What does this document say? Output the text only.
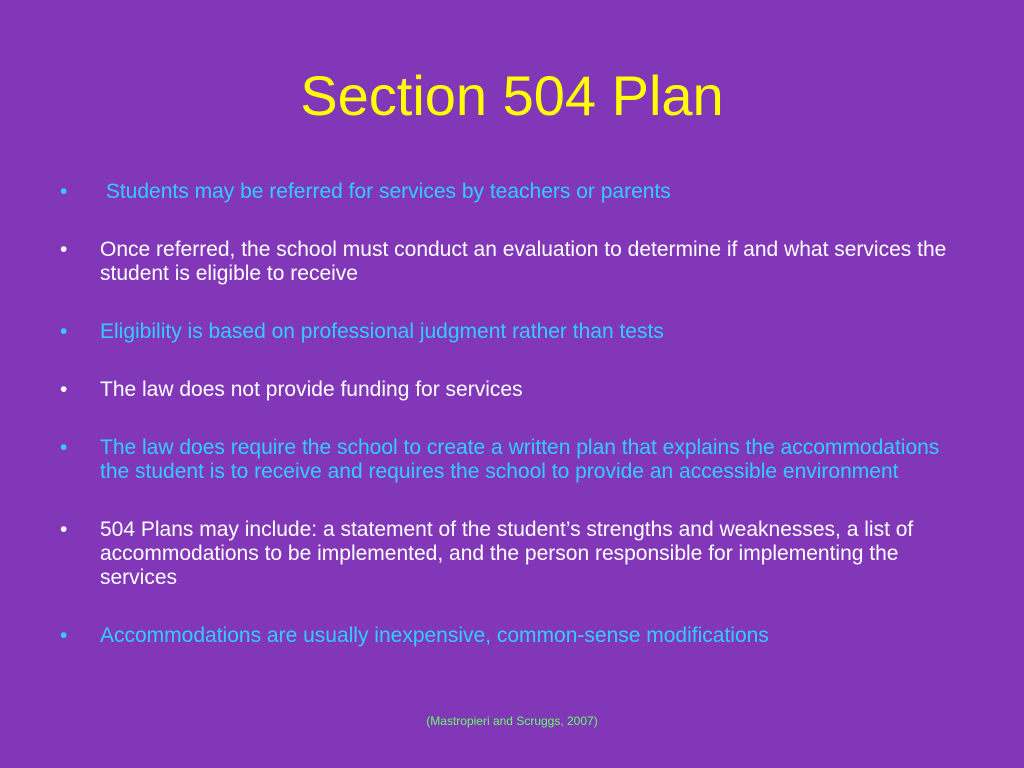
Section 504 Plan
• Students may be referred for services by teachers or parents
• Once referred, the school must conduct an evaluation to determine if and what services the student is eligible to receive
• Eligibility is based on professional judgment rather than tests
• The law does not provide funding for services
• The law does require the school to create a written plan that explains the accommodations the student is to receive and requires the school to provide an accessible environment
• 504 Plans may include: a statement of the student’s strengths and weaknesses, a list of accommodations to be implemented, and the person responsible for implementing the services
• Accommodations are usually inexpensive, common-sense modifications
(Mastropieri and Scruggs, 2007)
